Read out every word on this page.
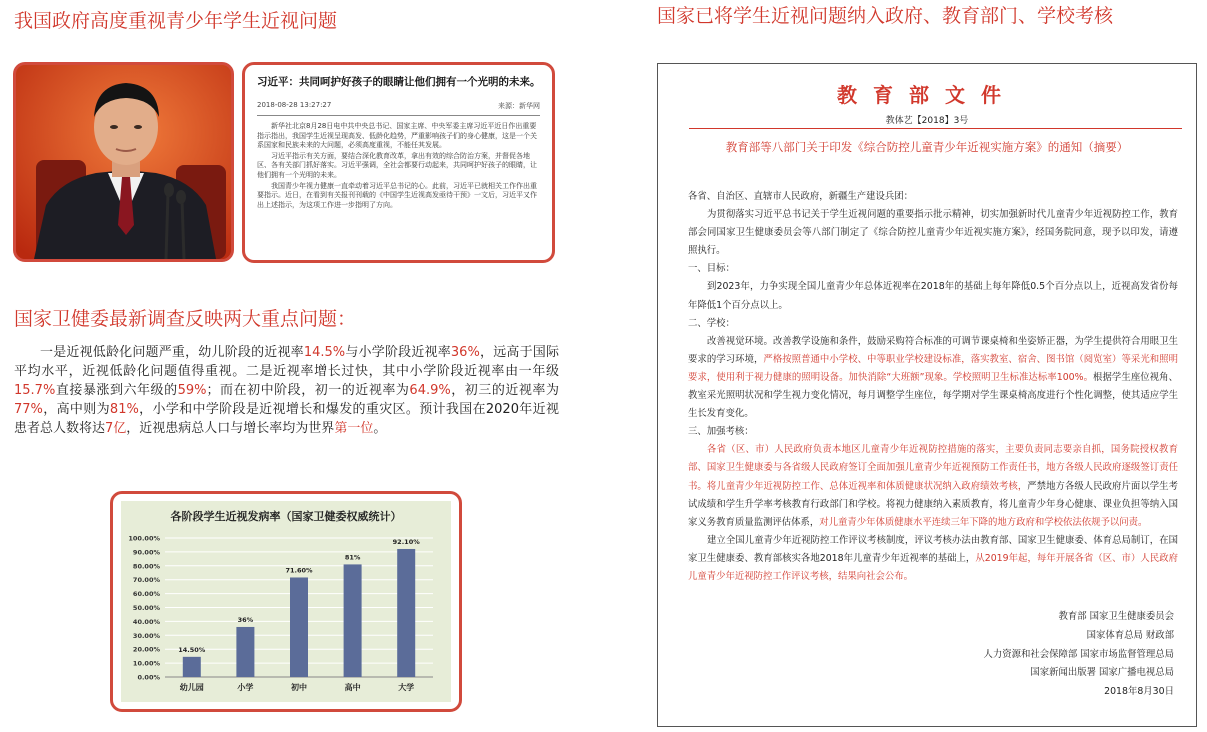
我国政府高度重视青少年学生近视问题
习近平：共同呵护好孩子的眼睛让他们拥有一个光明的未来。
2018-08-28 13:27:27	来源：新华网

新华社北京8月28日电中共中央总书记、国家主席、中央军委主席习近平近日作出重要指示指出，我国学生近视呈现高发、低龄化趋势，严重影响孩子们的身心健康，这是一个关系国家和民族未来的大问题，必须高度重视，不能任其发展。

习近平指示有关方面，要结合深化教育改革，拿出有效的综合防治方案，并督促各地区、各有关部门抓好落实。习近平强调，全社会都要行动起来，共同呵护好孩子的眼睛，让他们拥有一个光明的未来。

我国青少年视力健康一直牵动着习近平总书记的心。此前，习近平已就相关工作作出重要指示。近日，在看到有关报刊刊载的《中国学生近视高发亟待干预》一文后，习近平又作出上述指示，为这项工作进一步指明了方向。

国家卫健委最新调查反映两大重点问题：

一是近视低龄化问题严重，幼儿阶段的近视率14.5%与小学阶段近视率36%，远高于国际平均水平，近视低龄化问题值得重视。二是近视率增长过快，其中小学阶段近视率由一年级15.7%直接暴涨到六年级的59%；而在初中阶段，初一的近视率为64.9%，初三的近视率为77%，高中则为81%，小学和中学阶段是近视增长和爆发的重灾区。预计我国在2020年近视患者总人数将达7亿，近视患病总人口与增长率均为世界第一位。

各阶段学生近视发病率（国家卫健委权威统计）
0.00%
10.00%
20.00%
30.00%
40.00%
50.00%
60.00%
70.00%
80.00%
90.00%
100.00%
14.50%
幼儿园
36%
小学
71.60%
初中
81%
高中
92.10%
大学
国家已将学生近视问题纳入政府、教育部门、学校考核
教育部文件
教体艺【2018】3号
教育部等八部门关于印发《综合防控儿童青少年近视实施方案》的通知（摘要）

各省、自治区、直辖市人民政府，新疆生产建设兵团：

为贯彻落实习近平总书记关于学生近视问题的重要指示批示精神，切实加强新时代儿童青少年近视防控工作，教育部会同国家卫生健康委员会等八部门制定了《综合防控儿童青少年近视实施方案》，经国务院同意，现予以印发，请遵照执行。

一、目标：

到2023年，力争实现全国儿童青少年总体近视率在2018年的基础上每年降低0.5个百分点以上，近视高发省份每年降低1个百分点以上。

二、学校：

改善视觉环境。改善教学设施和条件，鼓励采购符合标准的可调节课桌椅和坐姿矫正器，为学生提供符合用眼卫生要求的学习环境，严格按照普通中小学校、中等职业学校建设标准，落实教室、宿舍、图书馆（阅览室）等采光和照明要求，使用利于视力健康的照明设备。加快消除“大班额”现象。学校照明卫生标准达标率100%。根据学生座位视角、教室采光照明状况和学生视力变化情况，每月调整学生座位，每学期对学生课桌椅高度进行个性化调整，使其适应学生生长发育变化。

三、加强考核：

各省（区、市）人民政府负责本地区儿童青少年近视防控措施的落实，主要负责同志要亲自抓，国务院授权教育部、国家卫生健康委与各省级人民政府签订全面加强儿童青少年近视预防工作责任书，地方各级人民政府逐级签订责任书。将儿童青少年近视防控工作、总体近视率和体质健康状况纳入政府绩效考核，严禁地方各级人民政府片面以学生考试成绩和学生升学率考核教育行政部门和学校。将视力健康纳入素质教育，将儿童青少年身心健康、课业负担等纳入国家义务教育质量监测评估体系，对儿童青少年体质健康水平连续三年下降的地方政府和学校依法依规予以问责。

建立全国儿童青少年近视防控工作评议考核制度，评议考核办法由教育部、国家卫生健康委、体育总局制订，在国家卫生健康委、教育部核实各地2018年儿童青少年近视率的基础上，从2019年起，每年开展各省（区、市）人民政府儿童青少年近视防控工作评议考核，结果向社会公布。

教育部 国家卫生健康委员会
国家体育总局 财政部
人力资源和社会保障部 国家市场监督管理总局
国家新闻出版署 国家广播电视总局
2018年8月30日
